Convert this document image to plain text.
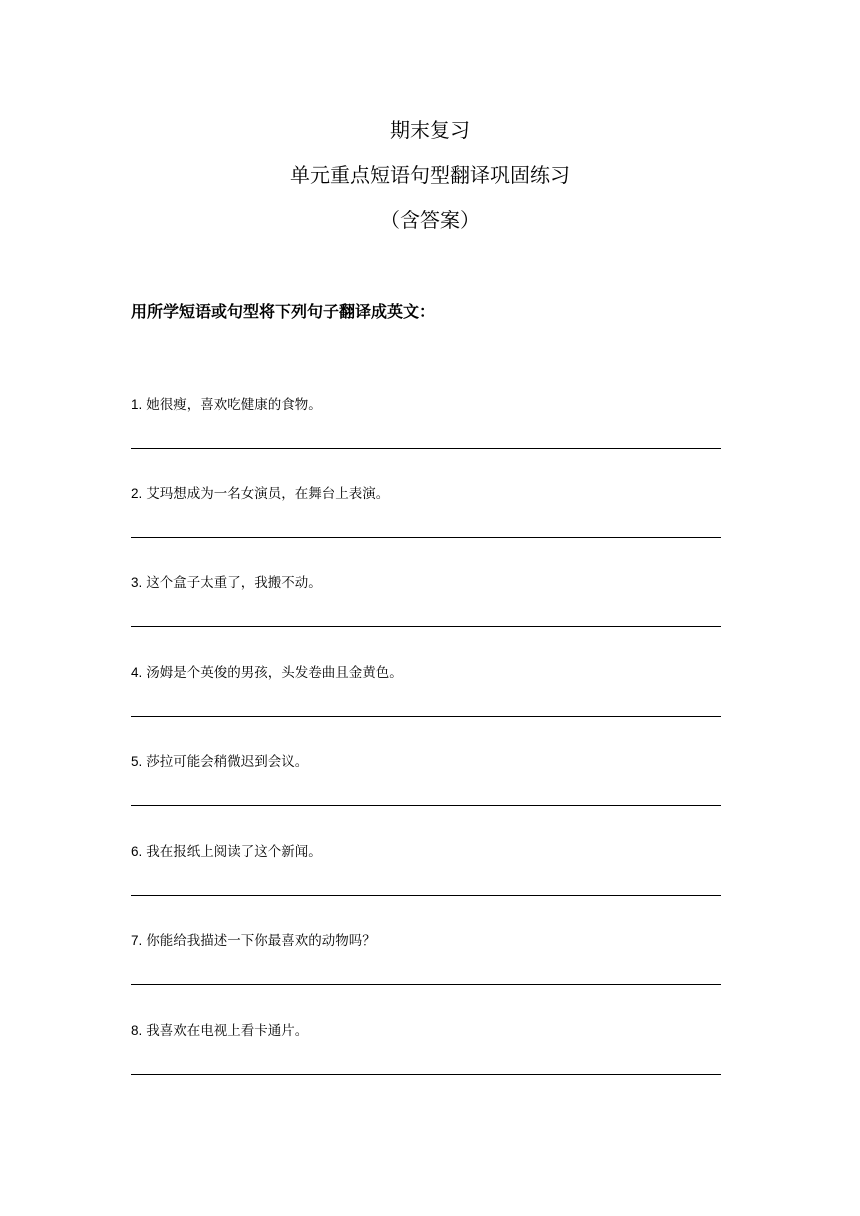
期末复习
单元重点短语句型翻译巩固练习
（含答案）
用所学短语或句型将下列句子翻译成英文：
1. 她很瘦，喜欢吃健康的食物。
2. 艾玛想成为一名女演员，在舞台上表演。
3. 这个盒子太重了，我搬不动。
4. 汤姆是个英俊的男孩，头发卷曲且金黄色。
5. 莎拉可能会稍微迟到会议。
6. 我在报纸上阅读了这个新闻。
7. 你能给我描述一下你最喜欢的动物吗？
8. 我喜欢在电视上看卡通片。
